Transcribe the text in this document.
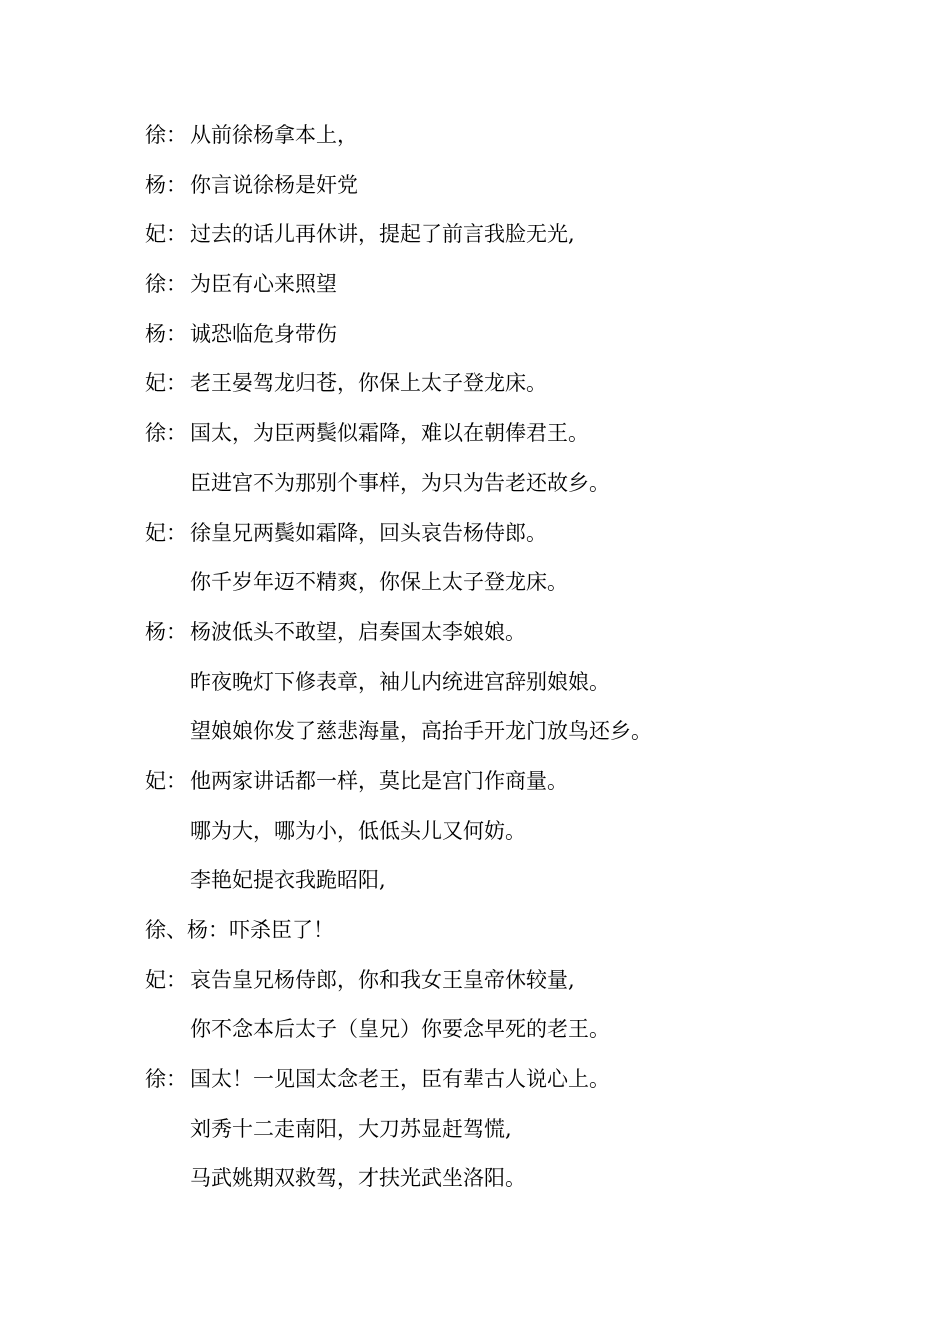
徐： 从前徐杨拿本上，
杨： 你言说徐杨是奸党
妃： 过去的话儿再休讲，提起了前言我脸无光,
徐： 为臣有心来照望
杨： 诚恐临危身带伤
妃： 老王晏驾龙归苍，你保上太子登龙床。
徐： 国太，为臣两鬓似霜降，难以在朝俸君王。
臣进宫不为那别个事样，为只为告老还故乡。
妃： 徐皇兄两鬓如霜降，回头哀告杨侍郎。
你千岁年迈不精爽，你保上太子登龙床。
杨： 杨波低头不敢望，启奏国太李娘娘。
昨夜晚灯下修表章，袖儿内统进宫辞别娘娘。
望娘娘你发了慈悲海量，高抬手开龙门放鸟还乡。
妃： 他两家讲话都一样，莫比是宫门作商量。
哪为大，哪为小，低低头儿又何妨。
李艳妃提衣我跪昭阳,
徐、杨： 吓杀臣了！
妃： 哀告皇兄杨侍郎，你和我女王皇帝休较量,
你不念本后太子（皇兄）你要念早死的老王。
徐： 国太！一见国太念老王，臣有辈古人说心上。
刘秀十二走南阳，大刀苏显赶驾慌,
马武姚期双救驾，才扶光武坐洛阳。
